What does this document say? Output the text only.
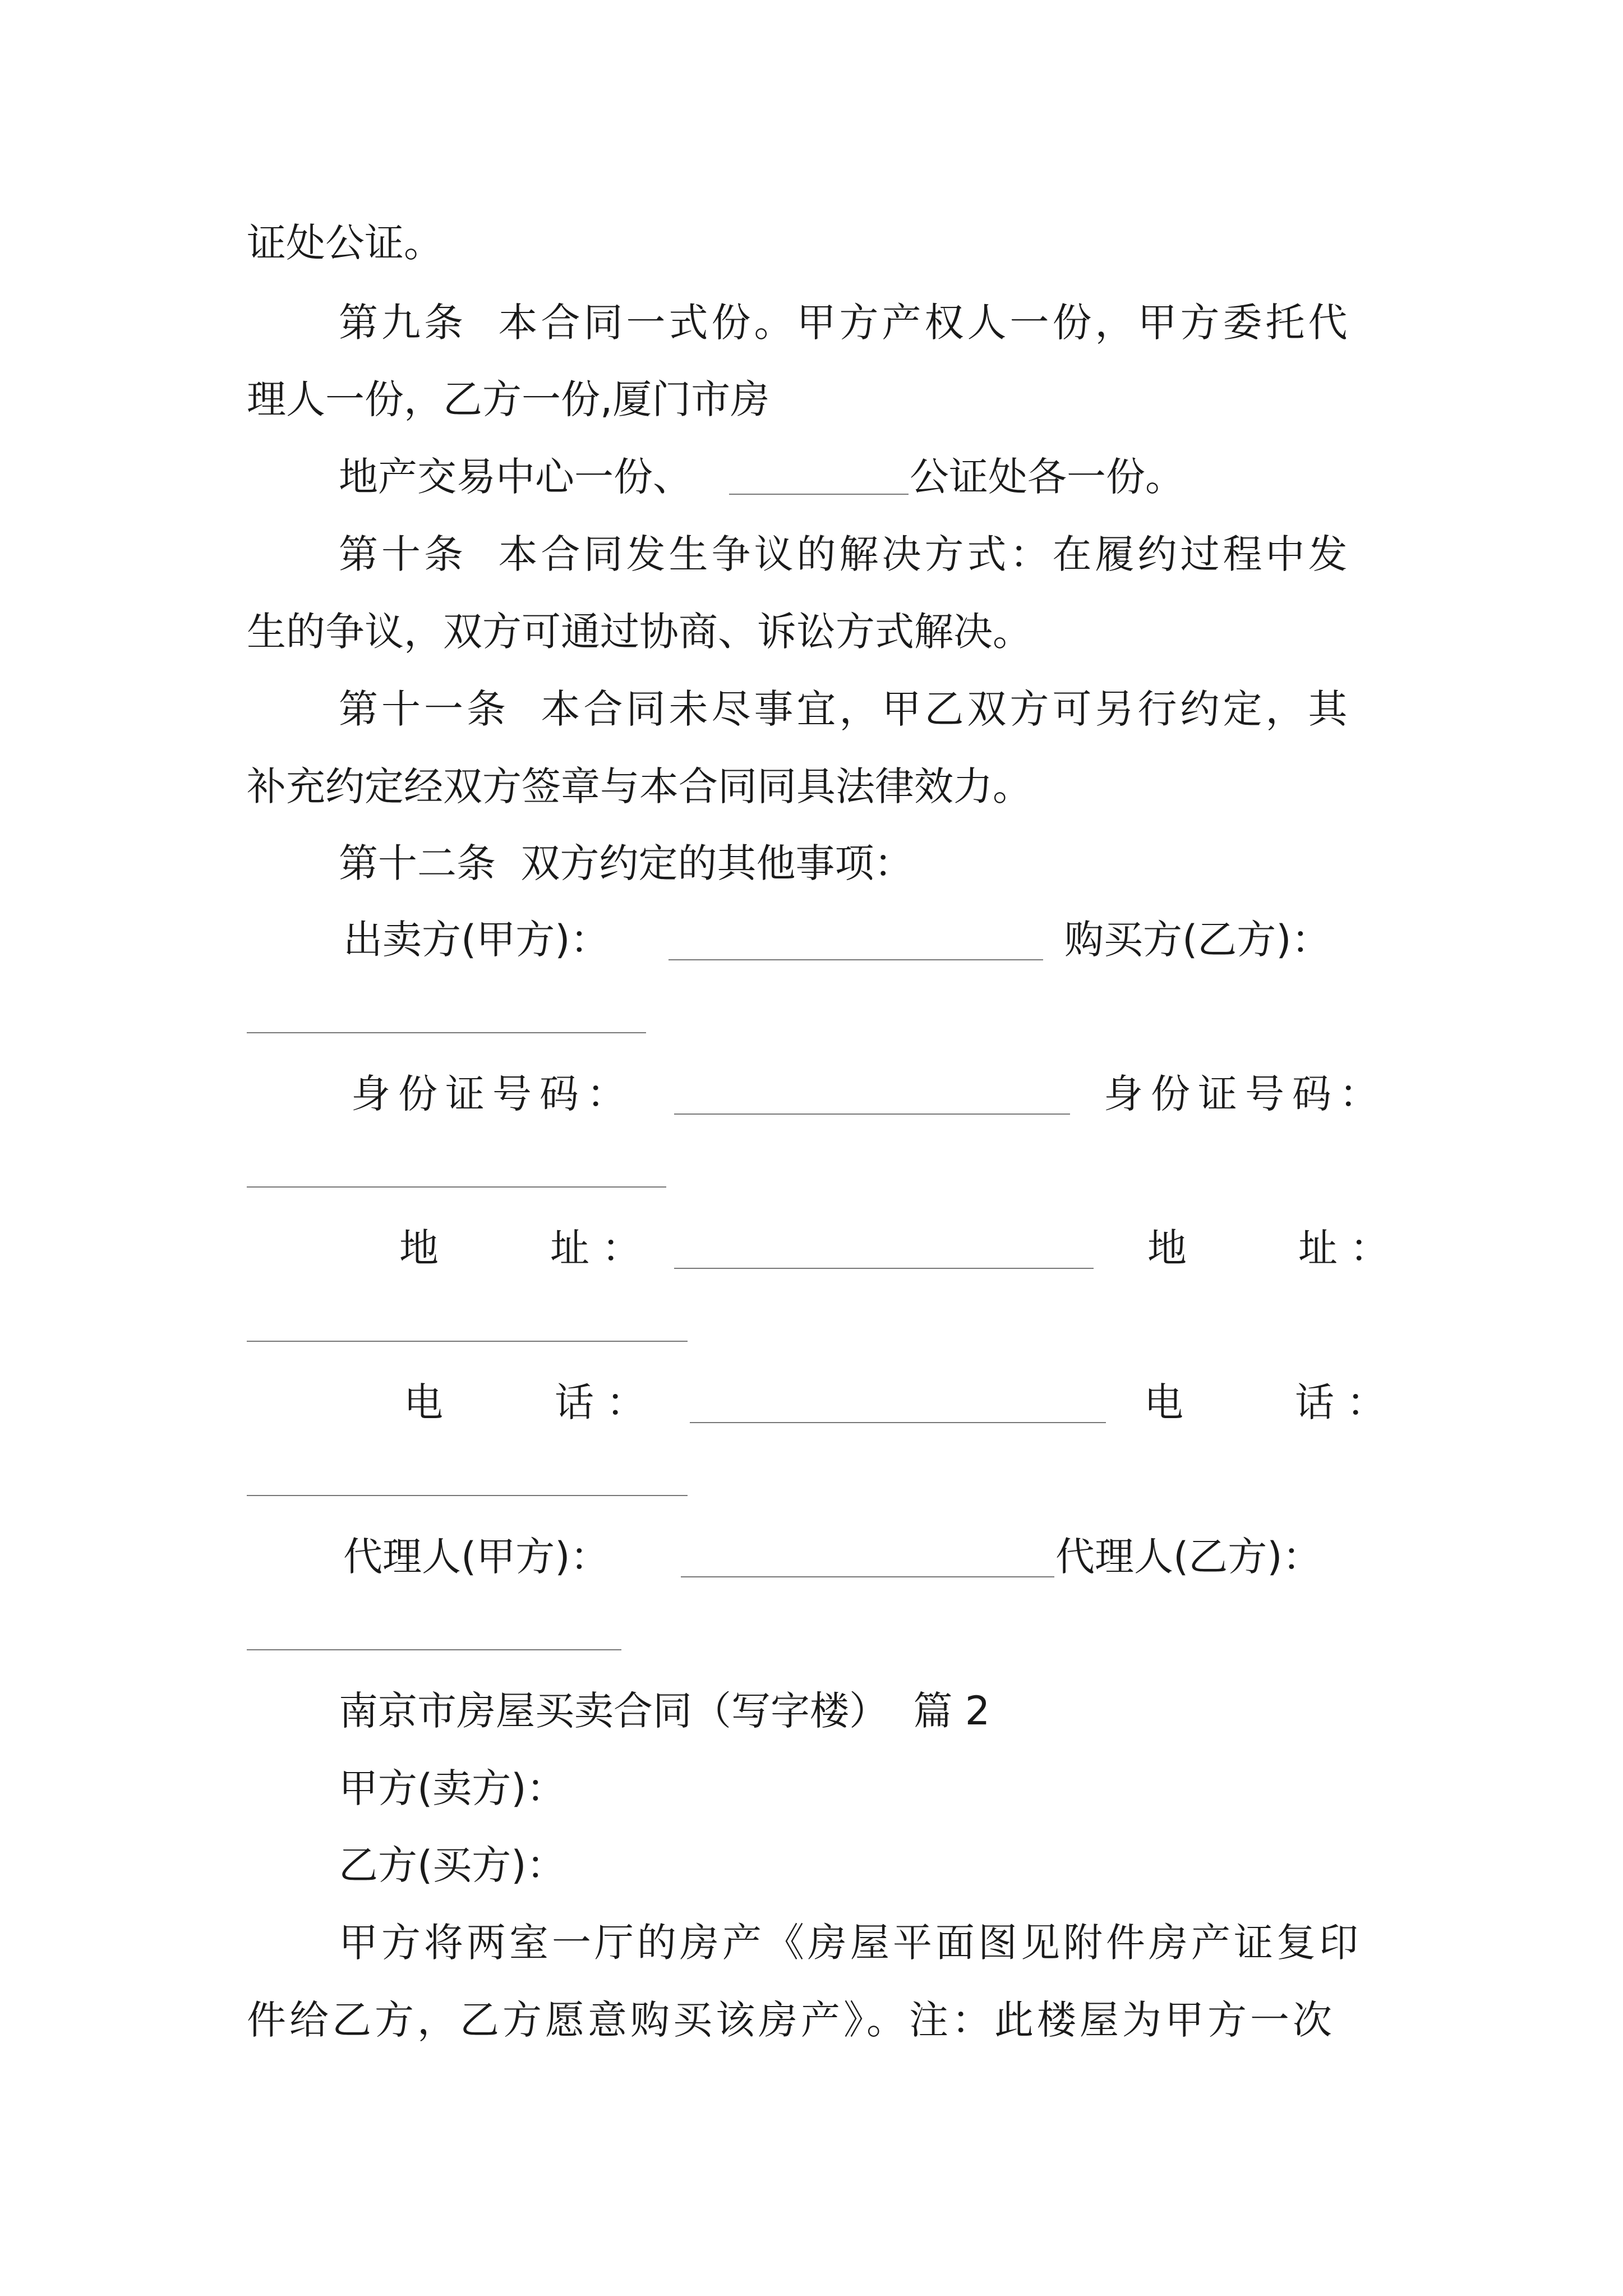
证处公证。
第九条  本合同一式份。甲方产权人一份，甲方委托代
理人一份，乙方一份,厦门市房
地产交易中心一份、	公证处各一份。
第十条  本合同发生争议的解决方式：在履约过程中发
生的争议，双方可通过协商、诉讼方式解决。
第十一条  本合同未尽事宜，甲乙双方可另行约定，其
补充约定经双方签章与本合同同具法律效力。
第十二条  双方约定的其他事项：
出卖方(甲方)：	购买方(乙方)：
身份证号码：	身份证号码：
地    址：	地    址：
电    话：	电    话：
代理人(甲方)：	代理人(乙方)：
南京市房屋买卖合同（写字楼）  篇 2
甲方(卖方)：
乙方(买方)：
甲方将两室一厅的房产《房屋平面图见附件房产证复印
件给乙方，乙方愿意购买该房产》。注：此楼屋为甲方一次
